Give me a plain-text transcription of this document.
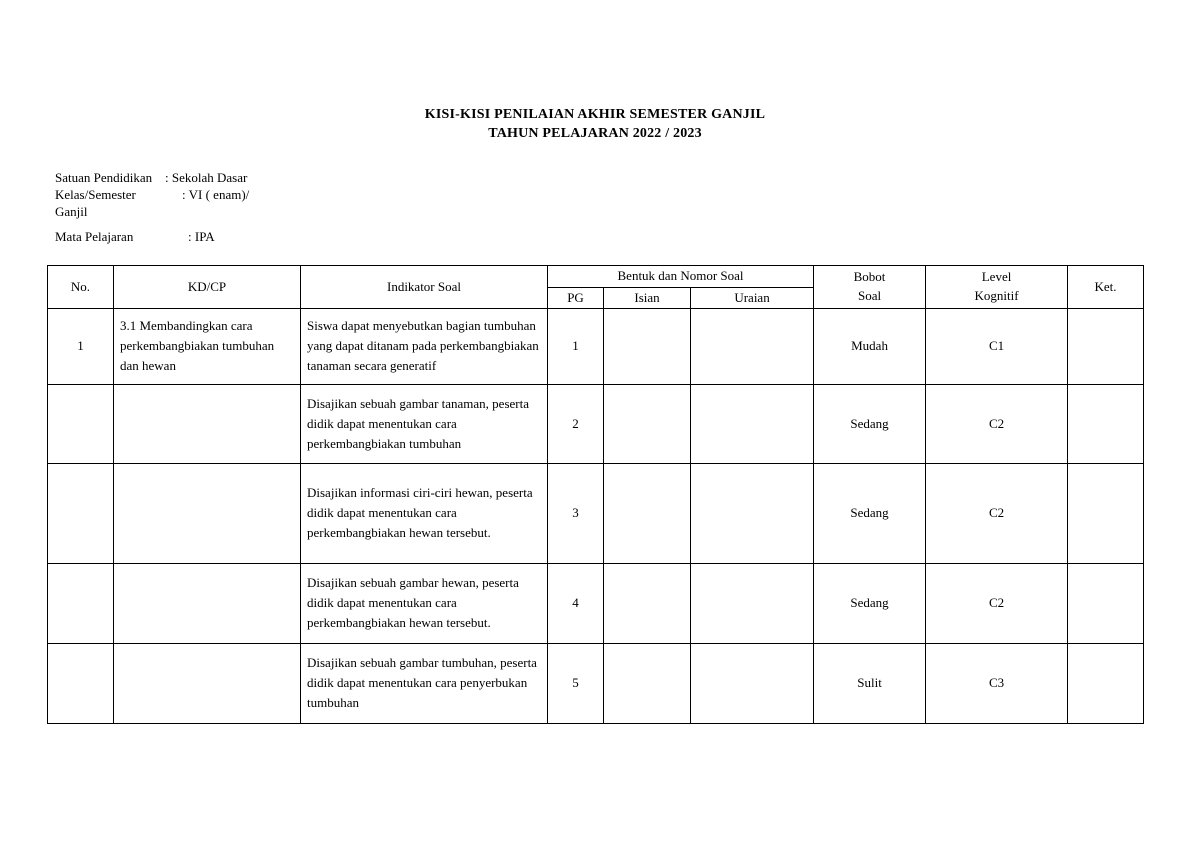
KISI-KISI PENILAIAN AKHIR SEMESTER GANJIL
TAHUN PELAJARAN 2022 / 2023
Satuan Pendidikan : Sekolah Dasar
Kelas/Semester	: VI ( enam)/
Ganjil
Mata Pelajaran	: IPA
No.	KD/CP	Indikator Soal	Bentuk dan Nomor Soal			Bobot	Level	Ket.
			PG	Isian	Uraian	Soal	Kognitif	
1	3.1 Membandingkan cara perkembangbiakan tumbuhan dan hewan	Siswa dapat menyebutkan bagian tumbuhan yang dapat ditanam pada perkembangbiakan tanaman secara generatif	1			Mudah	C1	
		Disajikan sebuah gambar tanaman, peserta didik dapat menentukan cara perkembangbiakan tumbuhan	2			Sedang	C2	
		Disajikan informasi ciri-ciri hewan, peserta didik dapat menentukan cara perkembangbiakan hewan tersebut.	3			Sedang	C2	
		Disajikan sebuah gambar hewan, peserta didik dapat menentukan cara perkembangbiakan hewan tersebut.	4			Sedang	C2	
		Disajikan sebuah gambar tumbuhan, peserta didik dapat menentukan cara penyerbukan tumbuhan	5			Sulit	C3	
